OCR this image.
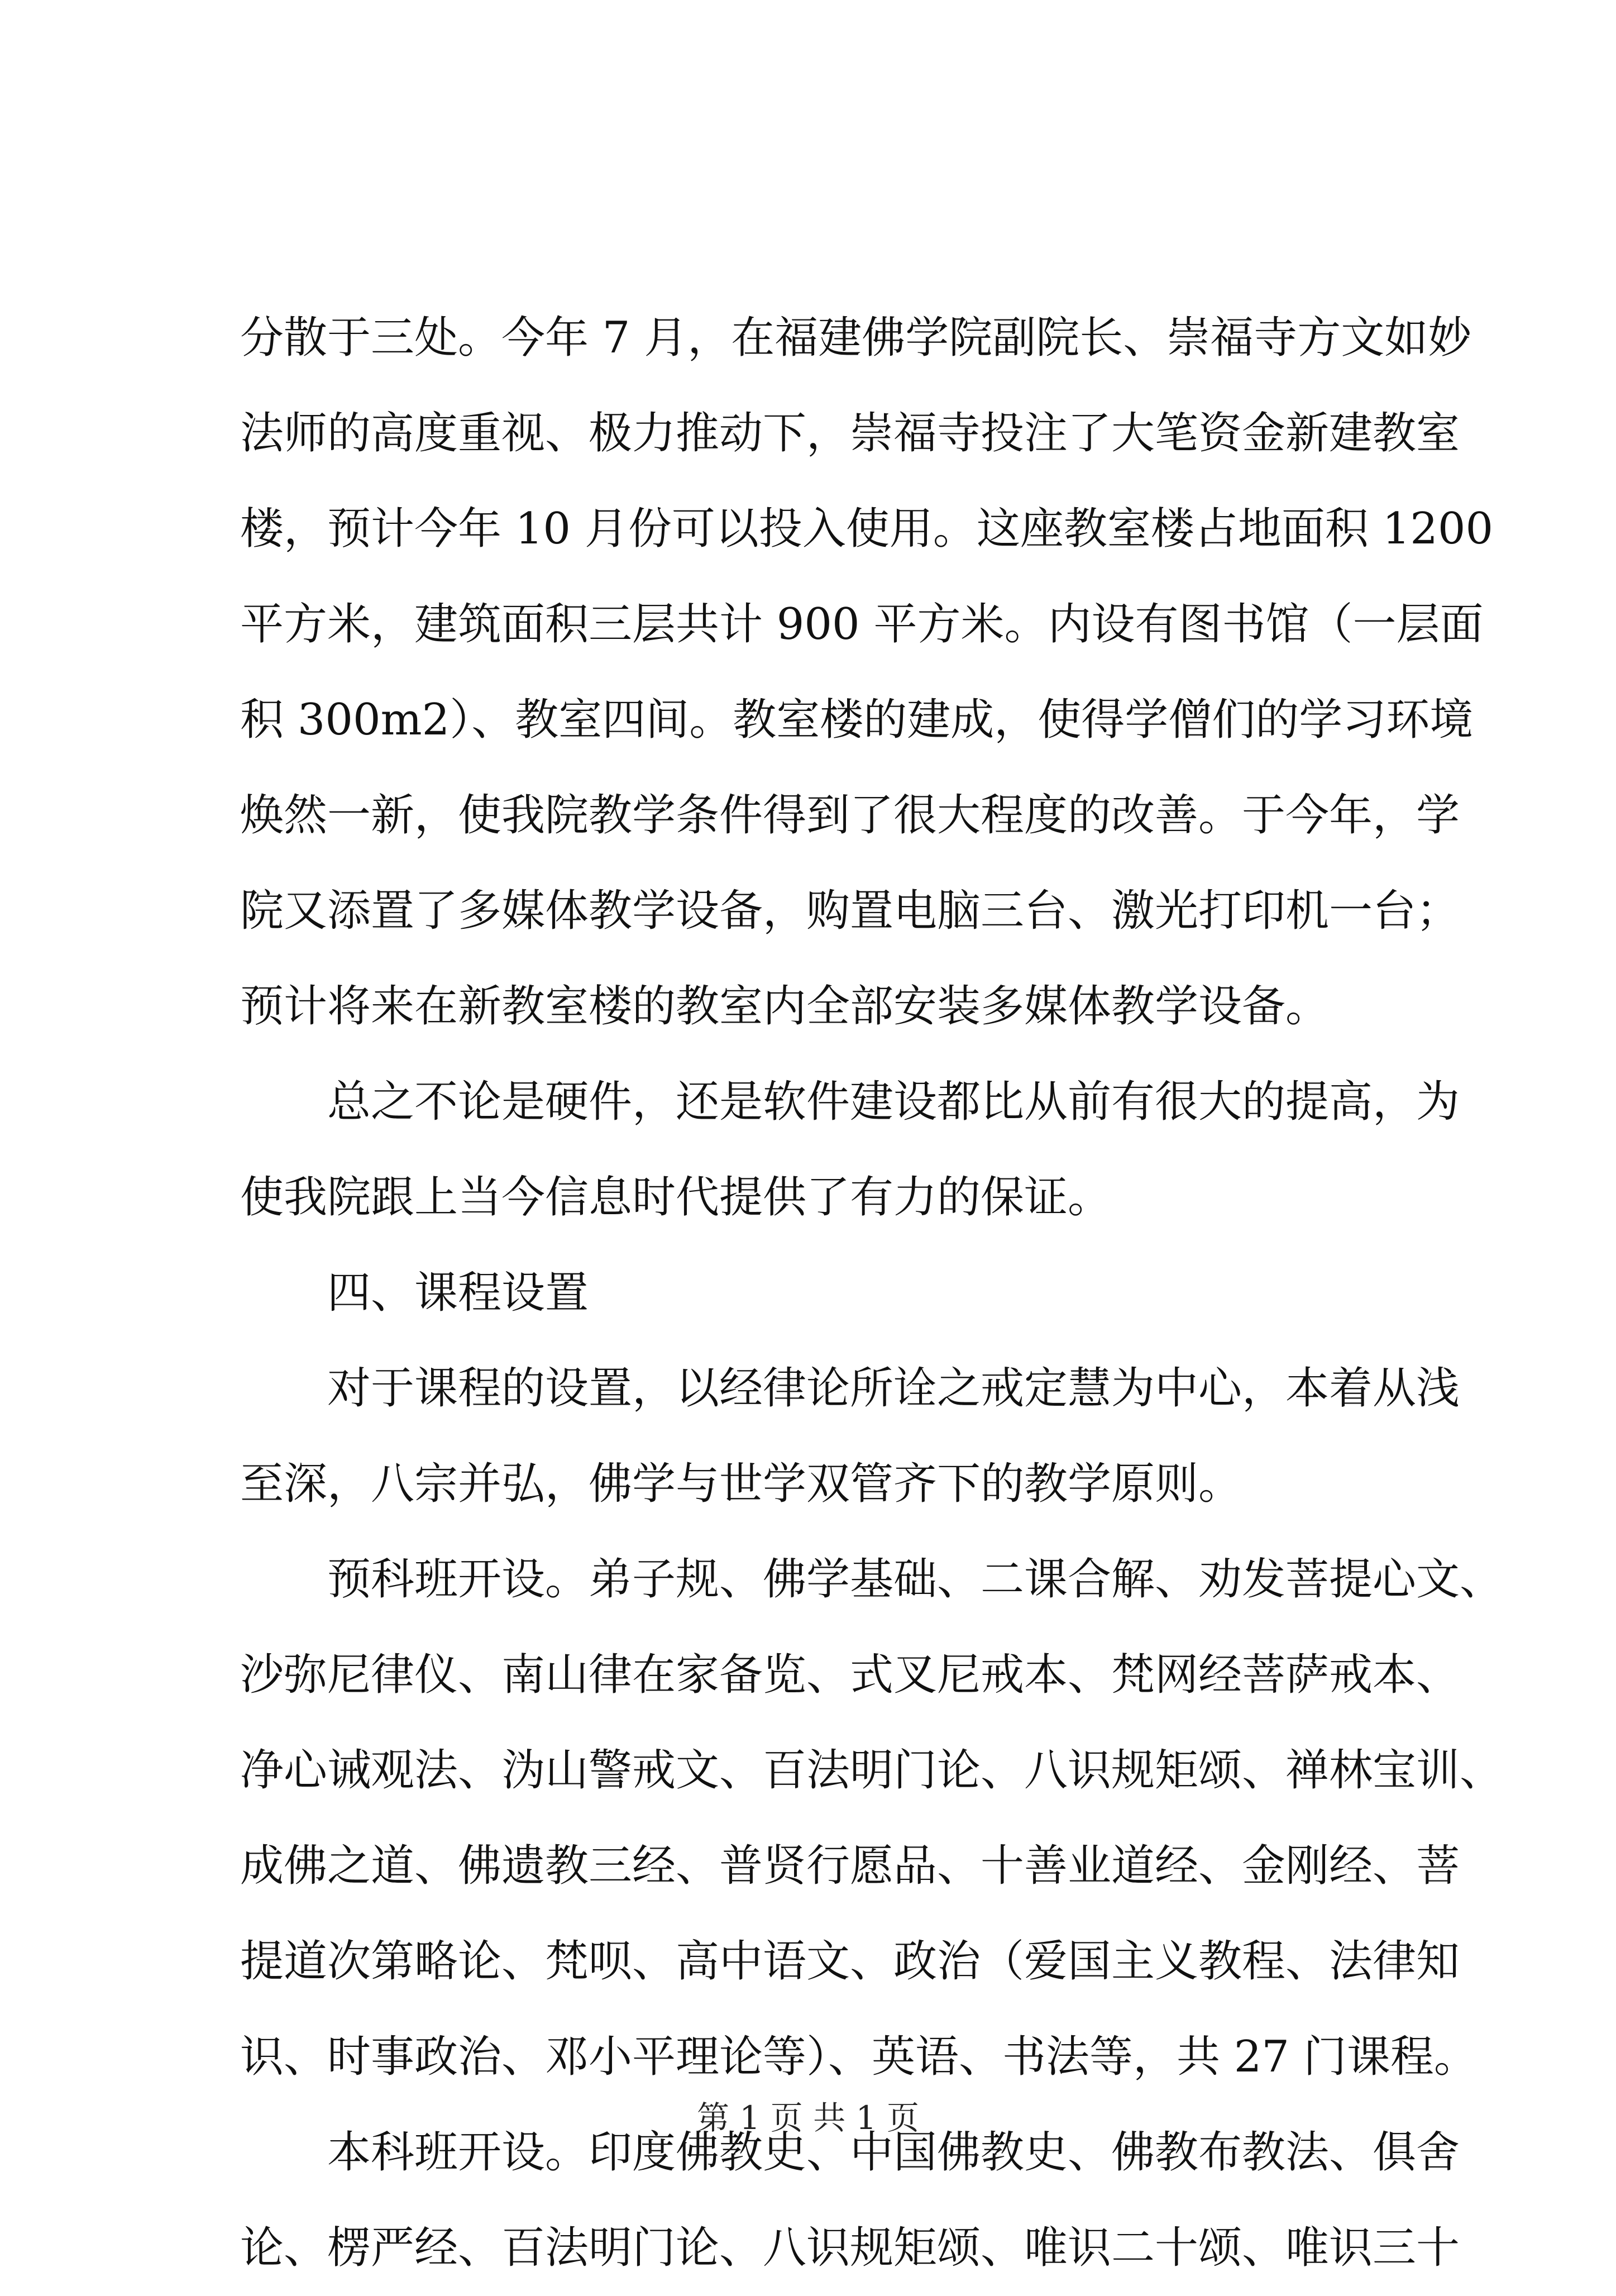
分散于三处。今年 7 月，在福建佛学院副院长、崇福寺方文如妙
法师的高度重视、极力推动下，崇福寺投注了大笔资金新建教室
楼，预计今年 10 月份可以投入使用。这座教室楼占地面积 1200
平方米，建筑面积三层共计 900 平方米。内设有图书馆（一层面
积 300m2）、教室四间。教室楼的建成，使得学僧们的学习环境
焕然一新，使我院教学条件得到了很大程度的改善。于今年，学
院又添置了多媒体教学设备，购置电脑三台、激光打印机一台；
预计将来在新教室楼的教室内全部安装多媒体教学设备。
总之不论是硬件，还是软件建设都比从前有很大的提高，为
使我院跟上当今信息时代提供了有力的保证。
四、课程设置
对于课程的设置，以经律论所诠之戒定慧为中心，本着从浅
至深，八宗并弘，佛学与世学双管齐下的教学原则。
预科班开设。弟子规、佛学基础、二课合解、劝发菩提心文、
沙弥尼律仪、南山律在家备览、式叉尼戒本、梵网经菩萨戒本、
净心诫观法、沩山警戒文、百法明门论、八识规矩颂、禅林宝训、
成佛之道、佛遗教三经、普贤行愿品、十善业道经、金刚经、菩
提道次第略论、梵呗、高中语文、政治（爱国主义教程、法律知
识、时事政治、邓小平理论等）、英语、书法等，共 27 门课程。
本科班开设。印度佛教史、中国佛教史、佛教布教法、俱舍
论、楞严经、百法明门论、八识规矩颂、唯识二十颂、唯识三十
第 1 页 共 1 页
